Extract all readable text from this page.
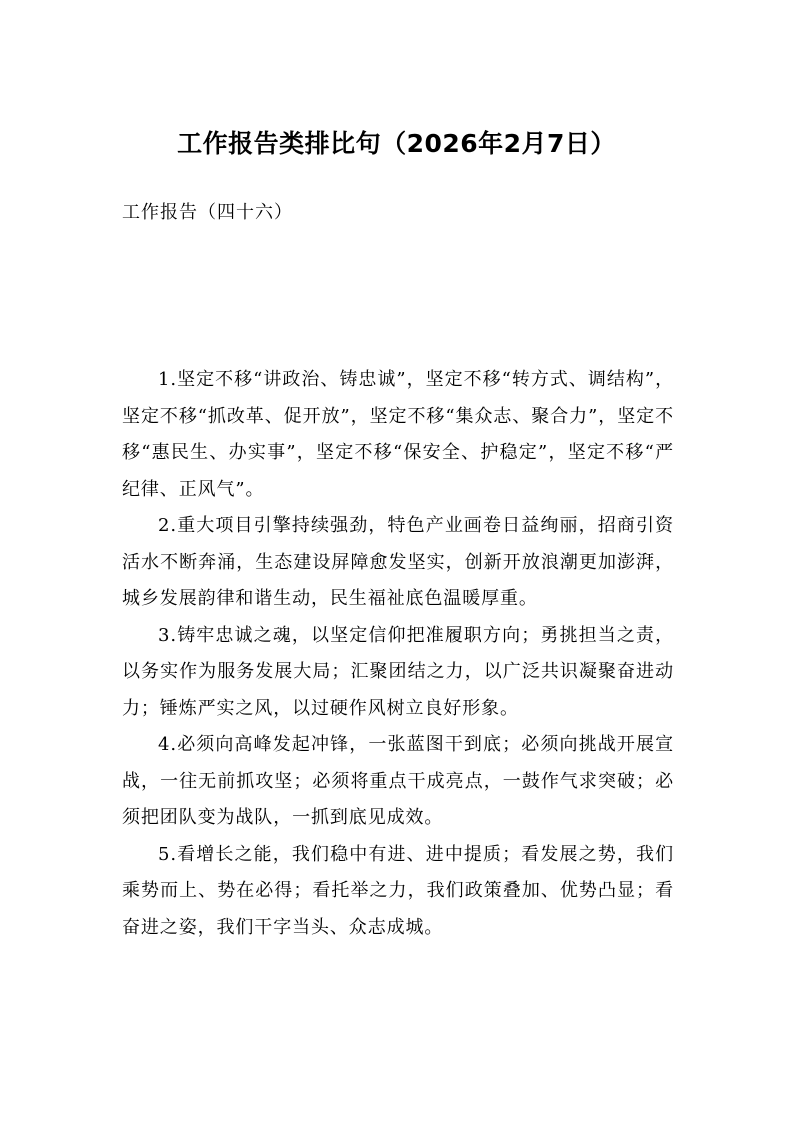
工作报告类排比句（2026年2月7日）

工作报告（四十六）

1.坚定不移“讲政治、铸忠诚”，坚定不移“转方式、调结构”，坚定不移“抓改革、促开放”，坚定不移“集众志、聚合力”，坚定不移“惠民生、办实事”，坚定不移“保安全、护稳定”，坚定不移“严纪律、正风气”。

2.重大项目引擎持续强劲，特色产业画卷日益绚丽，招商引资活水不断奔涌，生态建设屏障愈发坚实，创新开放浪潮更加澎湃，城乡发展韵律和谐生动，民生福祉底色温暖厚重。

3.铸牢忠诚之魂，以坚定信仰把准履职方向；勇挑担当之责，以务实作为服务发展大局；汇聚团结之力，以广泛共识凝聚奋进动力；锤炼严实之风，以过硬作风树立良好形象。

4.必须向高峰发起冲锋，一张蓝图干到底；必须向挑战开展宣战，一往无前抓攻坚；必须将重点干成亮点，一鼓作气求突破；必须把团队变为战队，一抓到底见成效。

5.看增长之能，我们稳中有进、进中提质；看发展之势，我们乘势而上、势在必得；看托举之力，我们政策叠加、优势凸显；看奋进之姿，我们干字当头、众志成城。
